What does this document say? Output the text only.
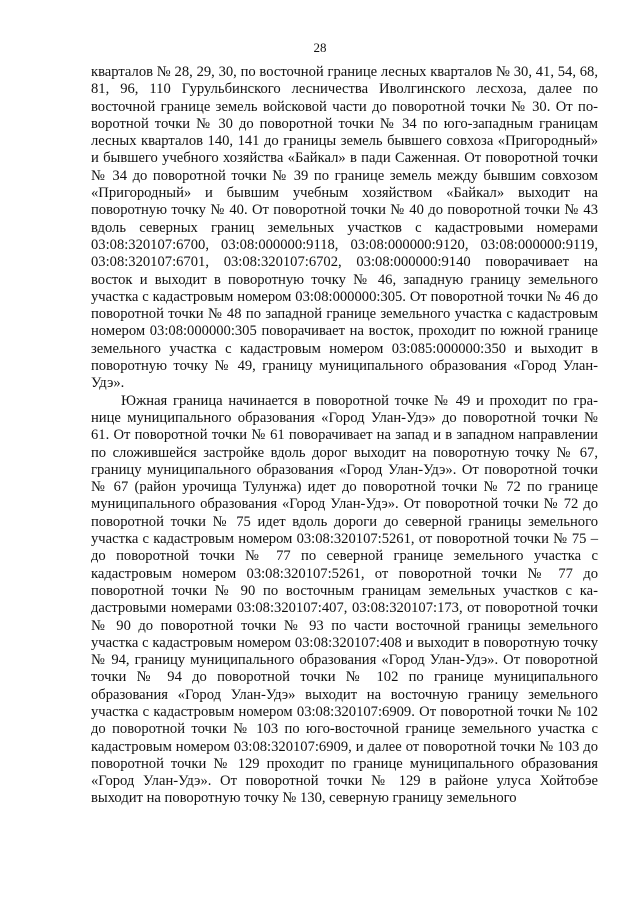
28

кварталов № 28, 29, 30, по восточной границе лесных кварталов № 30, 41, 54, 68, 81, 96, 110 Гурульбинского лесничества Иволгинского лесхоза, далее по восточной границе земель войсковой части до поворотной точки № 30. От поворотной точки № 30 до поворотной точки № 34 по юго-западным границам лесных кварталов 140, 141 до границы земель бывшего совхоза «Пригородный» и бывшего учебного хозяйства «Байкал» в пади Саженная. От поворотной точки № 34 до поворотной точки № 39 по границе земель между бывшим совхозом «Пригородный» и бывшим учебным хозяйством «Байкал» выходит на поворотную точку № 40. От поворотной точки № 40 до поворотной точки № 43 вдоль северных границ земельных участков с кадастровыми номерами 03:08:320107:6700, 03:08:000000:9118, 03:08:000000:9120, 03:08:000000:9119, 03:08:320107:6701, 03:08:320107:6702, 03:08:000000:9140 поворачивает на восток и выходит в поворотную точку № 46, западную границу земельного участка с кадастровым номером 03:08:000000:305. От поворотной точки № 46 до поворотной точки № 48 по западной границе земельного участка с кадастровым номером 03:08:000000:305 поворачивает на восток, проходит по южной границе земельного участка с кадастровым номером 03:085:000000:350 и выходит в поворотную точку № 49, границу муниципального образования «Город Улан-Удэ».

Южная граница начинается в поворотной точке № 49 и проходит по границе муниципального образования «Город Улан-Удэ» до поворотной точки № 61. От поворотной точки № 61 поворачивает на запад и в западном направлении по сложившейся застройке вдоль дорог выходит на поворотную точку № 67, границу муниципального образования «Город Улан-Удэ». От поворотной точки № 67 (район урочища Тулунжа) идет до поворотной точки № 72 по границе муниципального образования «Город Улан-Удэ». От поворотной точки № 72 до поворотной точки № 75 идет вдоль дороги до северной границы земельного участка с кадастровым номером 03:08:320107:5261, от поворотной точки № 75 – до поворотной точки № 77 по северной границе земельного участка с кадастровым номером 03:08:320107:5261, от поворотной точки № 77 до поворотной точки № 90 по восточным границам земельных участков с кадастровыми номерами 03:08:320107:407, 03:08:320107:173, от поворотной точки № 90 до поворотной точки № 93 по части восточной границы земельного участка с кадастровым номером 03:08:320107:408 и выходит в поворотную точку № 94, границу муниципального образования «Город Улан-Удэ». От поворотной точки № 94 до поворотной точки № 102 по границе муниципального образования «Город Улан-Удэ» выходит на восточную границу земельного участка с кадастровым номером 03:08:320107:6909. От поворотной точки № 102 до поворотной точки № 103 по юго-восточной границе земельного участка с кадастровым номером 03:08:320107:6909, и далее от поворотной точки № 103 до поворотной точки № 129 проходит по границе муниципального образования «Город Улан-Удэ». От поворотной точки № 129 в районе улуса Хойтобэе выходит на поворотную точку № 130, северную границу земельного
